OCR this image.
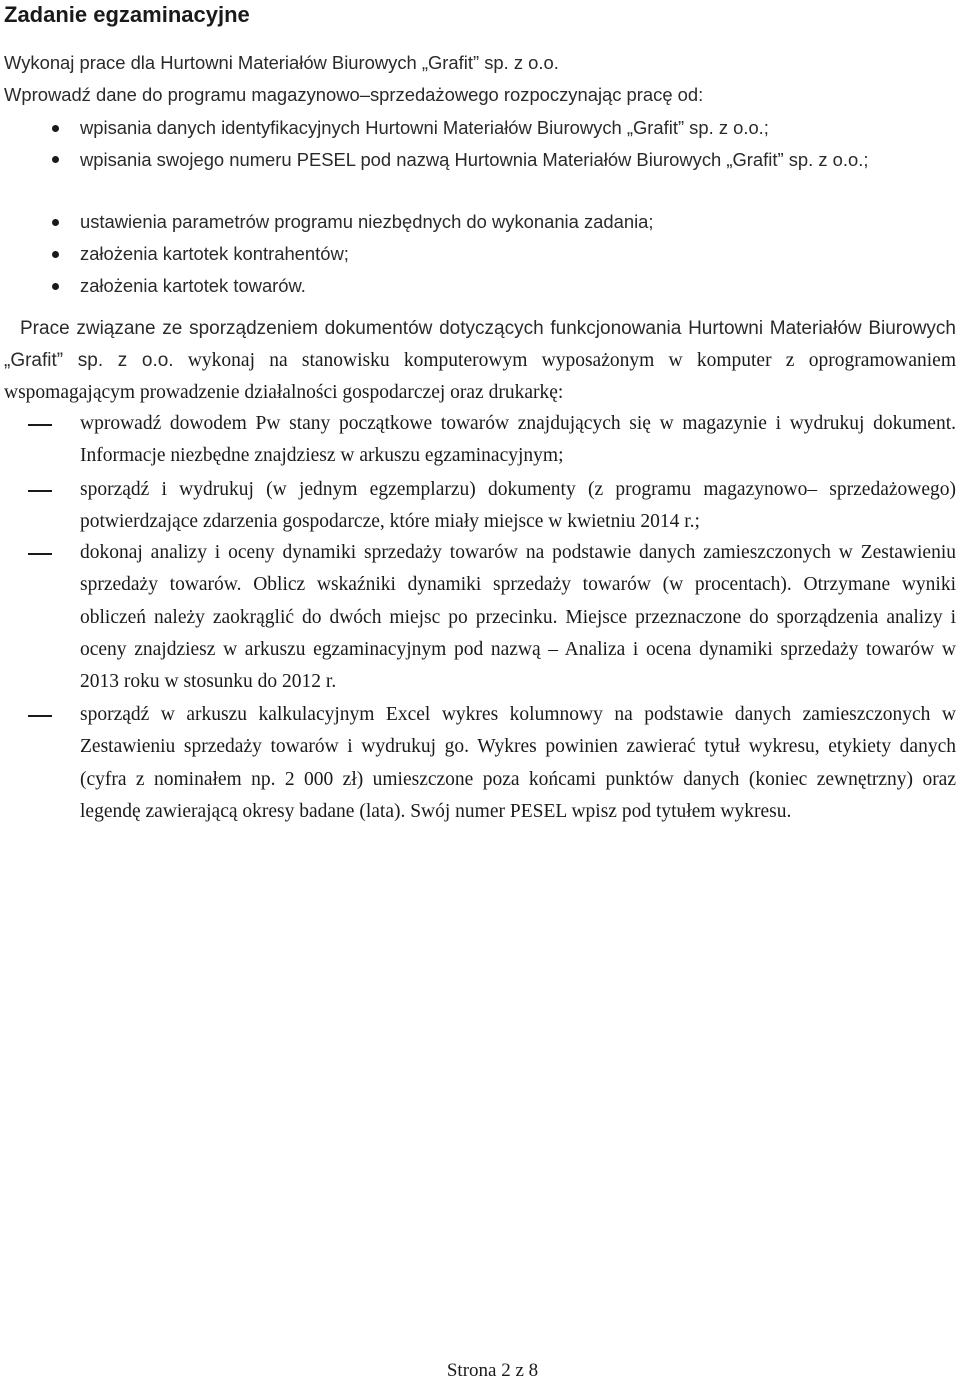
Zadanie egzaminacyjne

Wykonaj prace dla Hurtowni Materiałów Biurowych „Grafit” sp. z o.o.

Wprowadź dane do programu magazynowo–sprzedażowego rozpoczynając pracę od:

wpisania danych identyfikacyjnych Hurtowni Materiałów Biurowych „Grafit” sp. z o.o.;
wpisania swojego numeru PESEL pod nazwą Hurtownia Materiałów Biurowych „Grafit” sp. z o.o.;
ustawienia parametrów programu niezbędnych do wykonania zadania;
założenia kartotek kontrahentów;
założenia kartotek towarów.

Prace związane ze sporządzeniem dokumentów dotyczących funkcjonowania Hurtowni Materiałów Biurowych „Grafit” sp. z o.o. wykonaj na stanowisku komputerowym wyposażonym w komputer z oprogramowaniem wspomagającym prowadzenie działalności gospodarczej oraz drukarkę:

wprowadź dowodem Pw stany początkowe towarów znajdujących się w magazynie i wydrukuj dokument. Informacje niezbędne znajdziesz w arkuszu egzaminacyjnym;

sporządź i wydrukuj (w jednym egzemplarzu) dokumenty (z programu magazynowo– sprzedażowego) potwierdzające zdarzenia gospodarcze, które miały miejsce w kwietniu 2014 r.;

dokonaj analizy i oceny dynamiki sprzedaży towarów na podstawie danych zamieszczonych w Zestawieniu sprzedaży towarów. Oblicz wskaźniki dynamiki sprzedaży towarów (w procentach). Otrzymane wyniki obliczeń należy zaokrąglić do dwóch miejsc po przecinku. Miejsce przeznaczone do sporządzenia analizy i oceny znajdziesz w arkuszu egzaminacyjnym pod nazwą – Analiza i ocena dynamiki sprzedaży towarów w 2013 roku w stosunku do 2012 r.

sporządź w arkuszu kalkulacyjnym Excel wykres kolumnowy na podstawie danych zamieszczonych w Zestawieniu sprzedaży towarów i wydrukuj go. Wykres powinien zawierać tytuł wykresu, etykiety danych (cyfra z nominałem np. 2 000 zł) umieszczone poza końcami punktów danych (koniec zewnętrzny) oraz legendę zawierającą okresy badane (lata). Swój numer PESEL wpisz pod tytułem wykresu.

Strona 2 z 8
